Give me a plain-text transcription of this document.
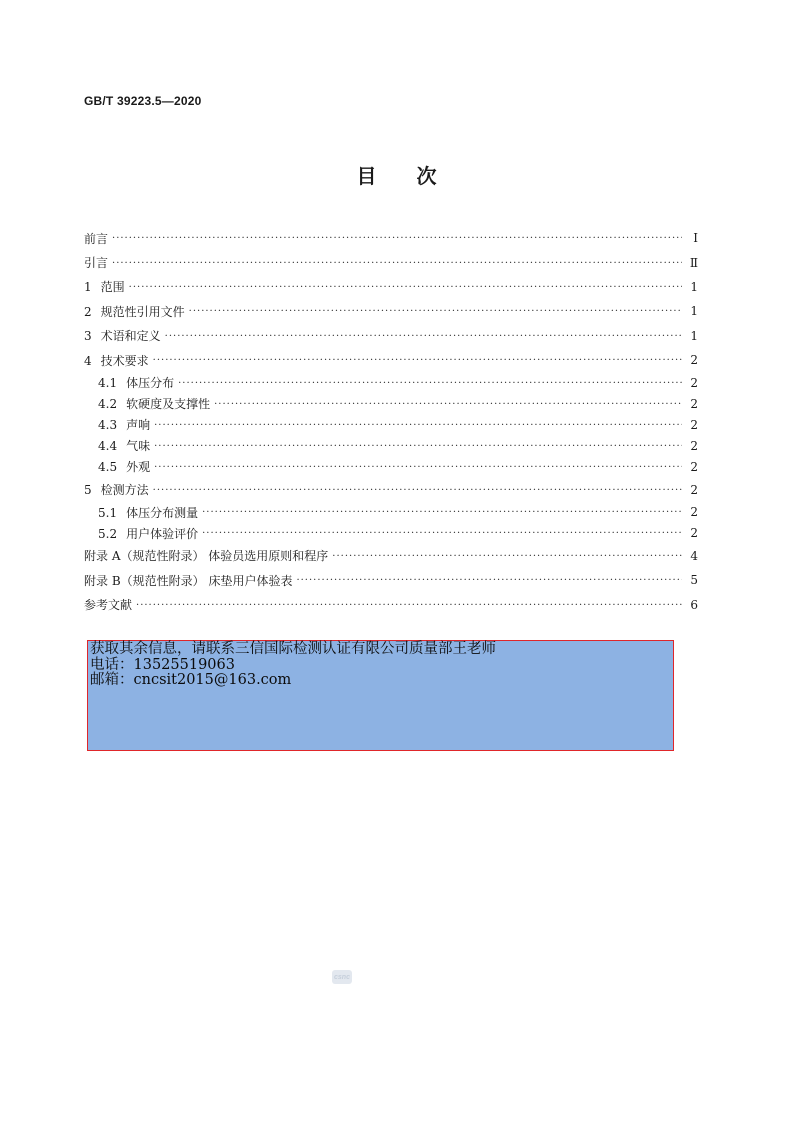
GB/T 39223.5—2020
目 次
前言 ·····	Ⅰ
引言 ·····	Ⅱ
1 范围 ·····	1
2 规范性引用文件 ·····	1
3 术语和定义 ·····	1
4 技术要求 ·····	2
4.1 体压分布 ·····	2
4.2 软硬度及支撑性 ·····	2
4.3 声响 ·····	2
4.4 气味 ·····	2
4.5 外观 ·····	2
5 检测方法 ·····	2
5.1 体压分布测量 ·····	2
5.2 用户体验评价 ·····	2
附录 A（规范性附录） 体验员选用原则和程序 ·····	4
附录 B（规范性附录） 床垫用户体验表 ·····	5
参考文献 ·····	6
获取其余信息，请联系三信国际检测认证有限公司质量部王老师
电话：13525519063
邮箱：cncsit2015@163.com
csnc
